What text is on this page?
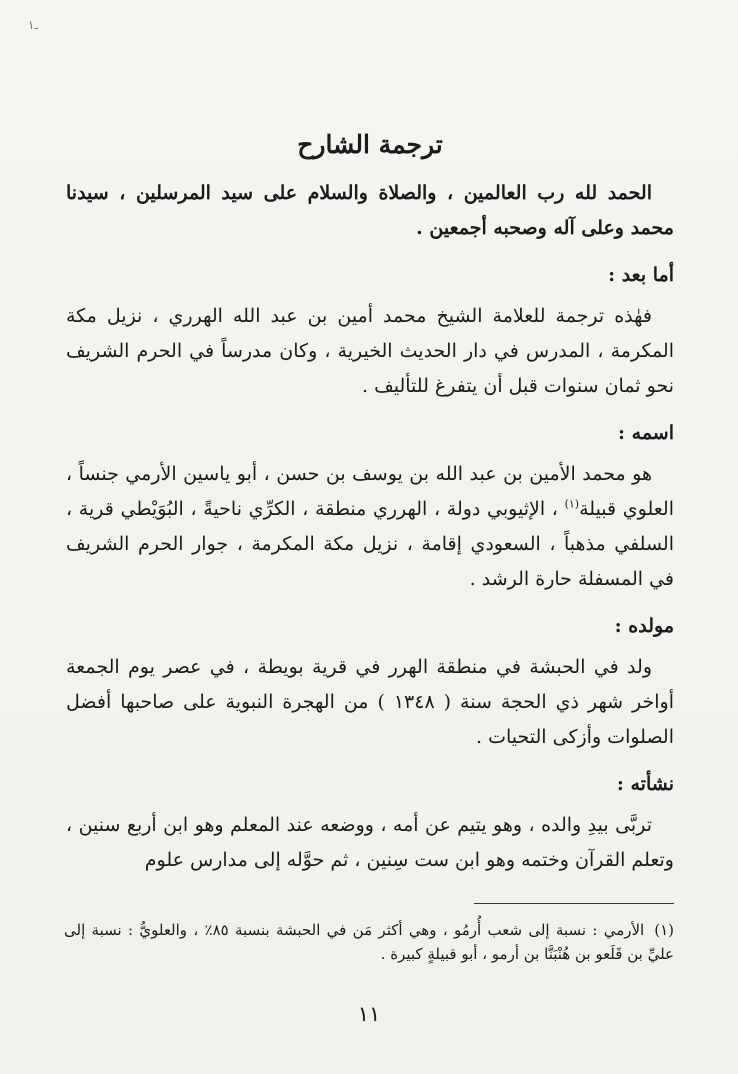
ـ١
ترجمة الشارح

الحمد لله رب العالمين ، والصلاة والسلام على سيد المرسلين ، سيدنا محمد وعلى آله وصحبه أجمعين .

أما بعد :

فهٰذه ترجمة للعلامة الشيخ محمد أمين بن عبد الله الهرري ، نزيل مكة المكرمة ، المدرس في دار الحديث الخيرية ، وكان مدرساً في الحرم الشريف نحو ثمان سنوات قبل أن يتفرغ للتأليف .

اسمه :

هو محمد الأمين بن عبد الله بن يوسف بن حسن ، أبو ياسين الأرمي جنساً ، العلوي قبيلة$^{(١)}$ ، الإثيوبي دولة ، الهرري منطقة ، الكرِّي ناحيةً ، البُوَيْطي قرية ، السلفي مذهباً ، السعودي إقامة ، نزيل مكة المكرمة ، جوار الحرم الشريف في المسفلة حارة الرشد .

مولده :

ولد في الحبشة في منطقة الهرر في قرية بويطة ، في عصر يوم الجمعة أواخر شهر ذي الحجة سنة ( ١٣٤٨ ) من الهجرة النبوية على صاحبها أفضل الصلوات وأزكى التحيات .

نشأته :

تربَّى بيدِ والده ، وهو يتيم عن أمه ، ووضعه عند المعلم وهو ابن أربع سنين ، وتعلم القرآن وختمه وهو ابن ست سِنين ، ثم حوَّله إلى مدارس علوم

(١)الأرمي : نسبة إلى شعب أُرمُو ، وهي أكثر مَن في الحبشة بنسبة ٨٥٪ ، والعلويُّ : نسبة إلى عليِّ بن قَلَعو بن هُنْبَنَّا بن أرمو ، أبو قبيلةٍ كبيرة .
١١
